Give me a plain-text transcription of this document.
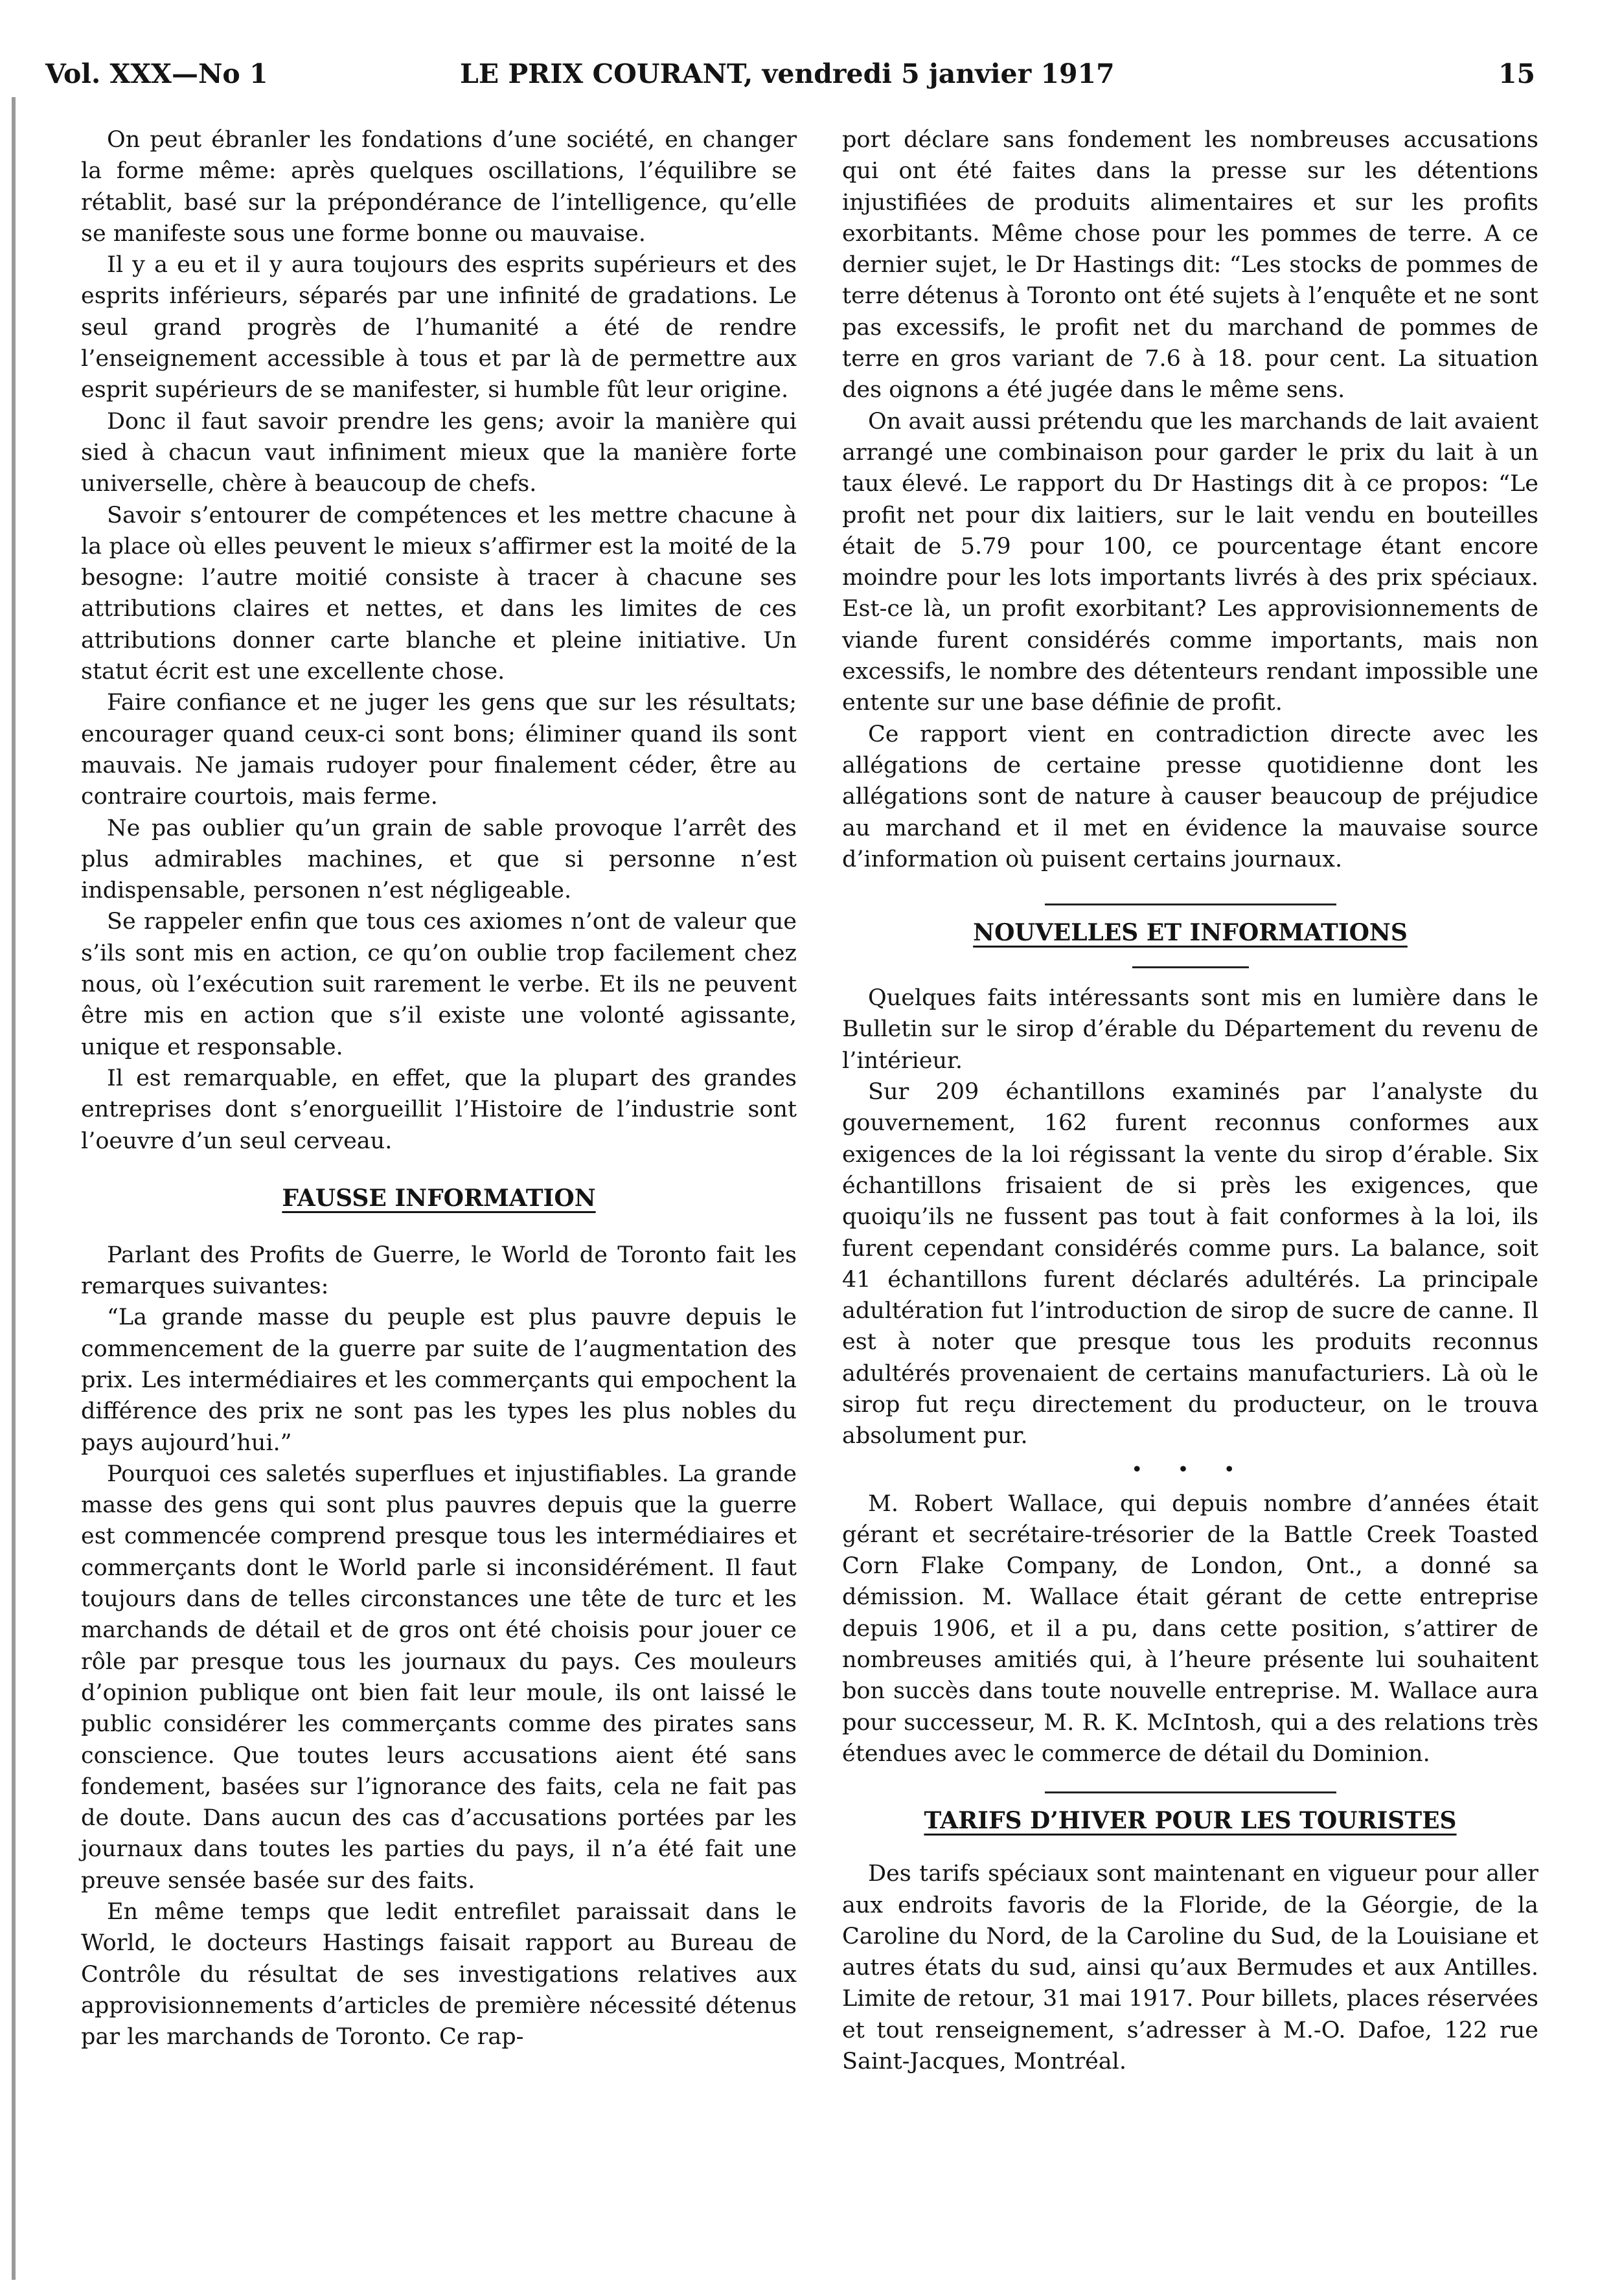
Vol. XXX—No 1	LE PRIX COURANT, vendredi 5 janvier 1917	15

On peut ébranler les fondations d’une société, en changer la forme même: après quelques oscillations, l’équilibre se rétablit, basé sur la prépondérance de l’intelligence, qu’elle se manifeste sous une forme bonne ou mauvaise.

Il y a eu et il y aura toujours des esprits supérieurs et des esprits inférieurs, séparés par une infinité de gradations. Le seul grand progrès de l’humanité a été de rendre l’enseignement accessible à tous et par là de permettre aux esprit supérieurs de se manifester, si humble fût leur origine.

Donc il faut savoir prendre les gens; avoir la manière qui sied à chacun vaut infiniment mieux que la manière forte universelle, chère à beaucoup de chefs.

Savoir s’entourer de compétences et les mettre chacune à la place où elles peuvent le mieux s’affirmer est la moité de la besogne: l’autre moitié consiste à tracer à chacune ses attributions claires et nettes, et dans les limites de ces attributions donner carte blanche et pleine initiative. Un statut écrit est une excellente chose.

Faire confiance et ne juger les gens que sur les résultats; encourager quand ceux-ci sont bons; éliminer quand ils sont mauvais. Ne jamais rudoyer pour finalement céder, être au contraire courtois, mais ferme.

Ne pas oublier qu’un grain de sable provoque l’arrêt des plus admirables machines, et que si personne n’est indispensable, personen n’est négligeable.

Se rappeler enfin que tous ces axiomes n’ont de valeur que s’ils sont mis en action, ce qu’on oublie trop facilement chez nous, où l’exécution suit rarement le verbe. Et ils ne peuvent être mis en action que s’il existe une volonté agissante, unique et responsable.

Il est remarquable, en effet, que la plupart des grandes entreprises dont s’enorgueillit l’Histoire de l’industrie sont l’oeuvre d’un seul cerveau.

FAUSSE INFORMATION

Parlant des Profits de Guerre, le World de Toronto fait les remarques suivantes:

“La grande masse du peuple est plus pauvre depuis le commencement de la guerre par suite de l’augmentation des prix. Les intermédiaires et les commerçants qui empochent la différence des prix ne sont pas les types les plus nobles du pays aujourd’hui.”

Pourquoi ces saletés superflues et injustifiables. La grande masse des gens qui sont plus pauvres depuis que la guerre est commencée comprend presque tous les intermédiaires et commerçants dont le World parle si inconsidérément. Il faut toujours dans de telles circonstances une tête de turc et les marchands de détail et de gros ont été choisis pour jouer ce rôle par presque tous les journaux du pays. Ces mouleurs d’opinion publique ont bien fait leur moule, ils ont laissé le public considérer les commerçants comme des pirates sans conscience. Que toutes leurs accusations aient été sans fondement, basées sur l’ignorance des faits, cela ne fait pas de doute. Dans aucun des cas d’accusations portées par les journaux dans toutes les parties du pays, il n’a été fait une preuve sensée basée sur des faits.

En même temps que ledit entrefilet paraissait dans le World, le docteurs Hastings faisait rapport au Bureau de Contrôle du résultat de ses investigations relatives aux approvisionnements d’articles de première nécessité détenus par les marchands de Toronto. Ce rap-

port déclare sans fondement les nombreuses accusations qui ont été faites dans la presse sur les détentions injustifiées de produits alimentaires et sur les profits exorbitants. Même chose pour les pommes de terre. A ce dernier sujet, le Dr Hastings dit: “Les stocks de pommes de terre détenus à Toronto ont été sujets à l’enquête et ne sont pas excessifs, le profit net du marchand de pommes de terre en gros variant de 7.6 à 18. pour cent. La situation des oignons a été jugée dans le même sens.

On avait aussi prétendu que les marchands de lait avaient arrangé une combinaison pour garder le prix du lait à un taux élevé. Le rapport du Dr Hastings dit à ce propos: “Le profit net pour dix laitiers, sur le lait vendu en bouteilles était de 5.79 pour 100, ce pourcentage étant encore moindre pour les lots importants livrés à des prix spéciaux. Est-ce là, un profit exorbitant? Les approvisionnements de viande furent considérés comme importants, mais non excessifs, le nombre des détenteurs rendant impossible une entente sur une base définie de profit.

Ce rapport vient en contradiction directe avec les allégations de certaine presse quotidienne dont les allégations sont de nature à causer beaucoup de préjudice au marchand et il met en évidence la mauvaise source d’information où puisent certains journaux.

NOUVELLES ET INFORMATIONS

Quelques faits intéressants sont mis en lumière dans le Bulletin sur le sirop d’érable du Département du revenu de l’intérieur.

Sur 209 échantillons examinés par l’analyste du gouvernement, 162 furent reconnus conformes aux exigences de la loi régissant la vente du sirop d’érable. Six échantillons frisaient de si près les exigences, que quoiqu’ils ne fussent pas tout à fait conformes à la loi, ils furent cependant considérés comme purs. La balance, soit 41 échantillons furent déclarés adultérés. La principale adultération fut l’introduction de sirop de sucre de canne. Il est à noter que presque tous les produits reconnus adultérés provenaient de certains manufacturiers. Là où le sirop fut reçu directement du producteur, on le trouva absolument pur.

• • •

M. Robert Wallace, qui depuis nombre d’années était gérant et secrétaire-trésorier de la Battle Creek Toasted Corn Flake Company, de London, Ont., a donné sa démission. M. Wallace était gérant de cette entreprise depuis 1906, et il a pu, dans cette position, s’attirer de nombreuses amitiés qui, à l’heure présente lui souhaitent bon succès dans toute nouvelle entreprise. M. Wallace aura pour successeur, M. R. K. McIntosh, qui a des relations très étendues avec le commerce de détail du Dominion.

TARIFS D’HIVER POUR LES TOURISTES

Des tarifs spéciaux sont maintenant en vigueur pour aller aux endroits favoris de la Floride, de la Géorgie, de la Caroline du Nord, de la Caroline du Sud, de la Louisiane et autres états du sud, ainsi qu’aux Bermudes et aux Antilles. Limite de retour, 31 mai 1917. Pour billets, places réservées et tout renseignement, s’adresser à M.-O. Dafoe, 122 rue Saint-Jacques, Montréal.
